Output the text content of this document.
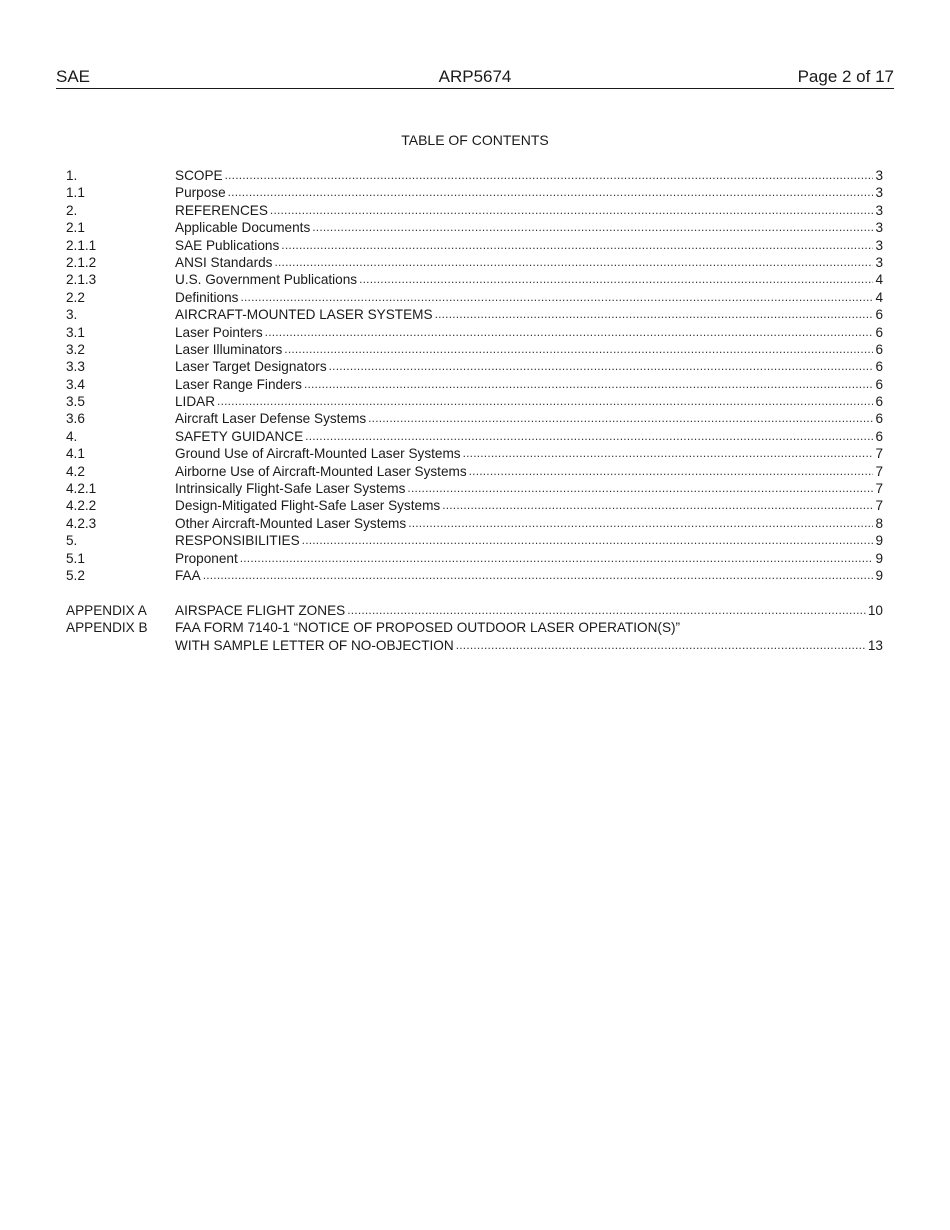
SAE	ARP5674	Page 2 of 17
TABLE OF CONTENTS
1.	SCOPE .....	3
1.1	Purpose .....	3
2.	REFERENCES .....	3
2.1	Applicable Documents .....	3
2.1.1	SAE Publications .....	3
2.1.2	ANSI Standards .....	3
2.1.3	U.S. Government Publications .....	4
2.2	Definitions .....	4
3.	AIRCRAFT-MOUNTED LASER SYSTEMS .....	6
3.1	Laser Pointers .....	6
3.2	Laser Illuminators .....	6
3.3	Laser Target Designators .....	6
3.4	Laser Range Finders .....	6
3.5	LIDAR .....	6
3.6	Aircraft Laser Defense Systems .....	6
4.	SAFETY GUIDANCE .....	6
4.1	Ground Use of Aircraft-Mounted Laser Systems .....	7
4.2	Airborne Use of Aircraft-Mounted Laser Systems .....	7
4.2.1	Intrinsically Flight-Safe Laser Systems .....	7
4.2.2	Design-Mitigated Flight-Safe Laser Systems .....	7
4.2.3	Other Aircraft-Mounted Laser Systems .....	8
5.	RESPONSIBILITIES .....	9
5.1	Proponent .....	9
5.2	FAA .....	9
APPENDIX A	AIRSPACE FLIGHT ZONES .....	10
APPENDIX B	FAA FORM 7140-1 “NOTICE OF PROPOSED OUTDOOR LASER OPERATION(S)”
WITH SAMPLE LETTER OF NO-OBJECTION .....	13
